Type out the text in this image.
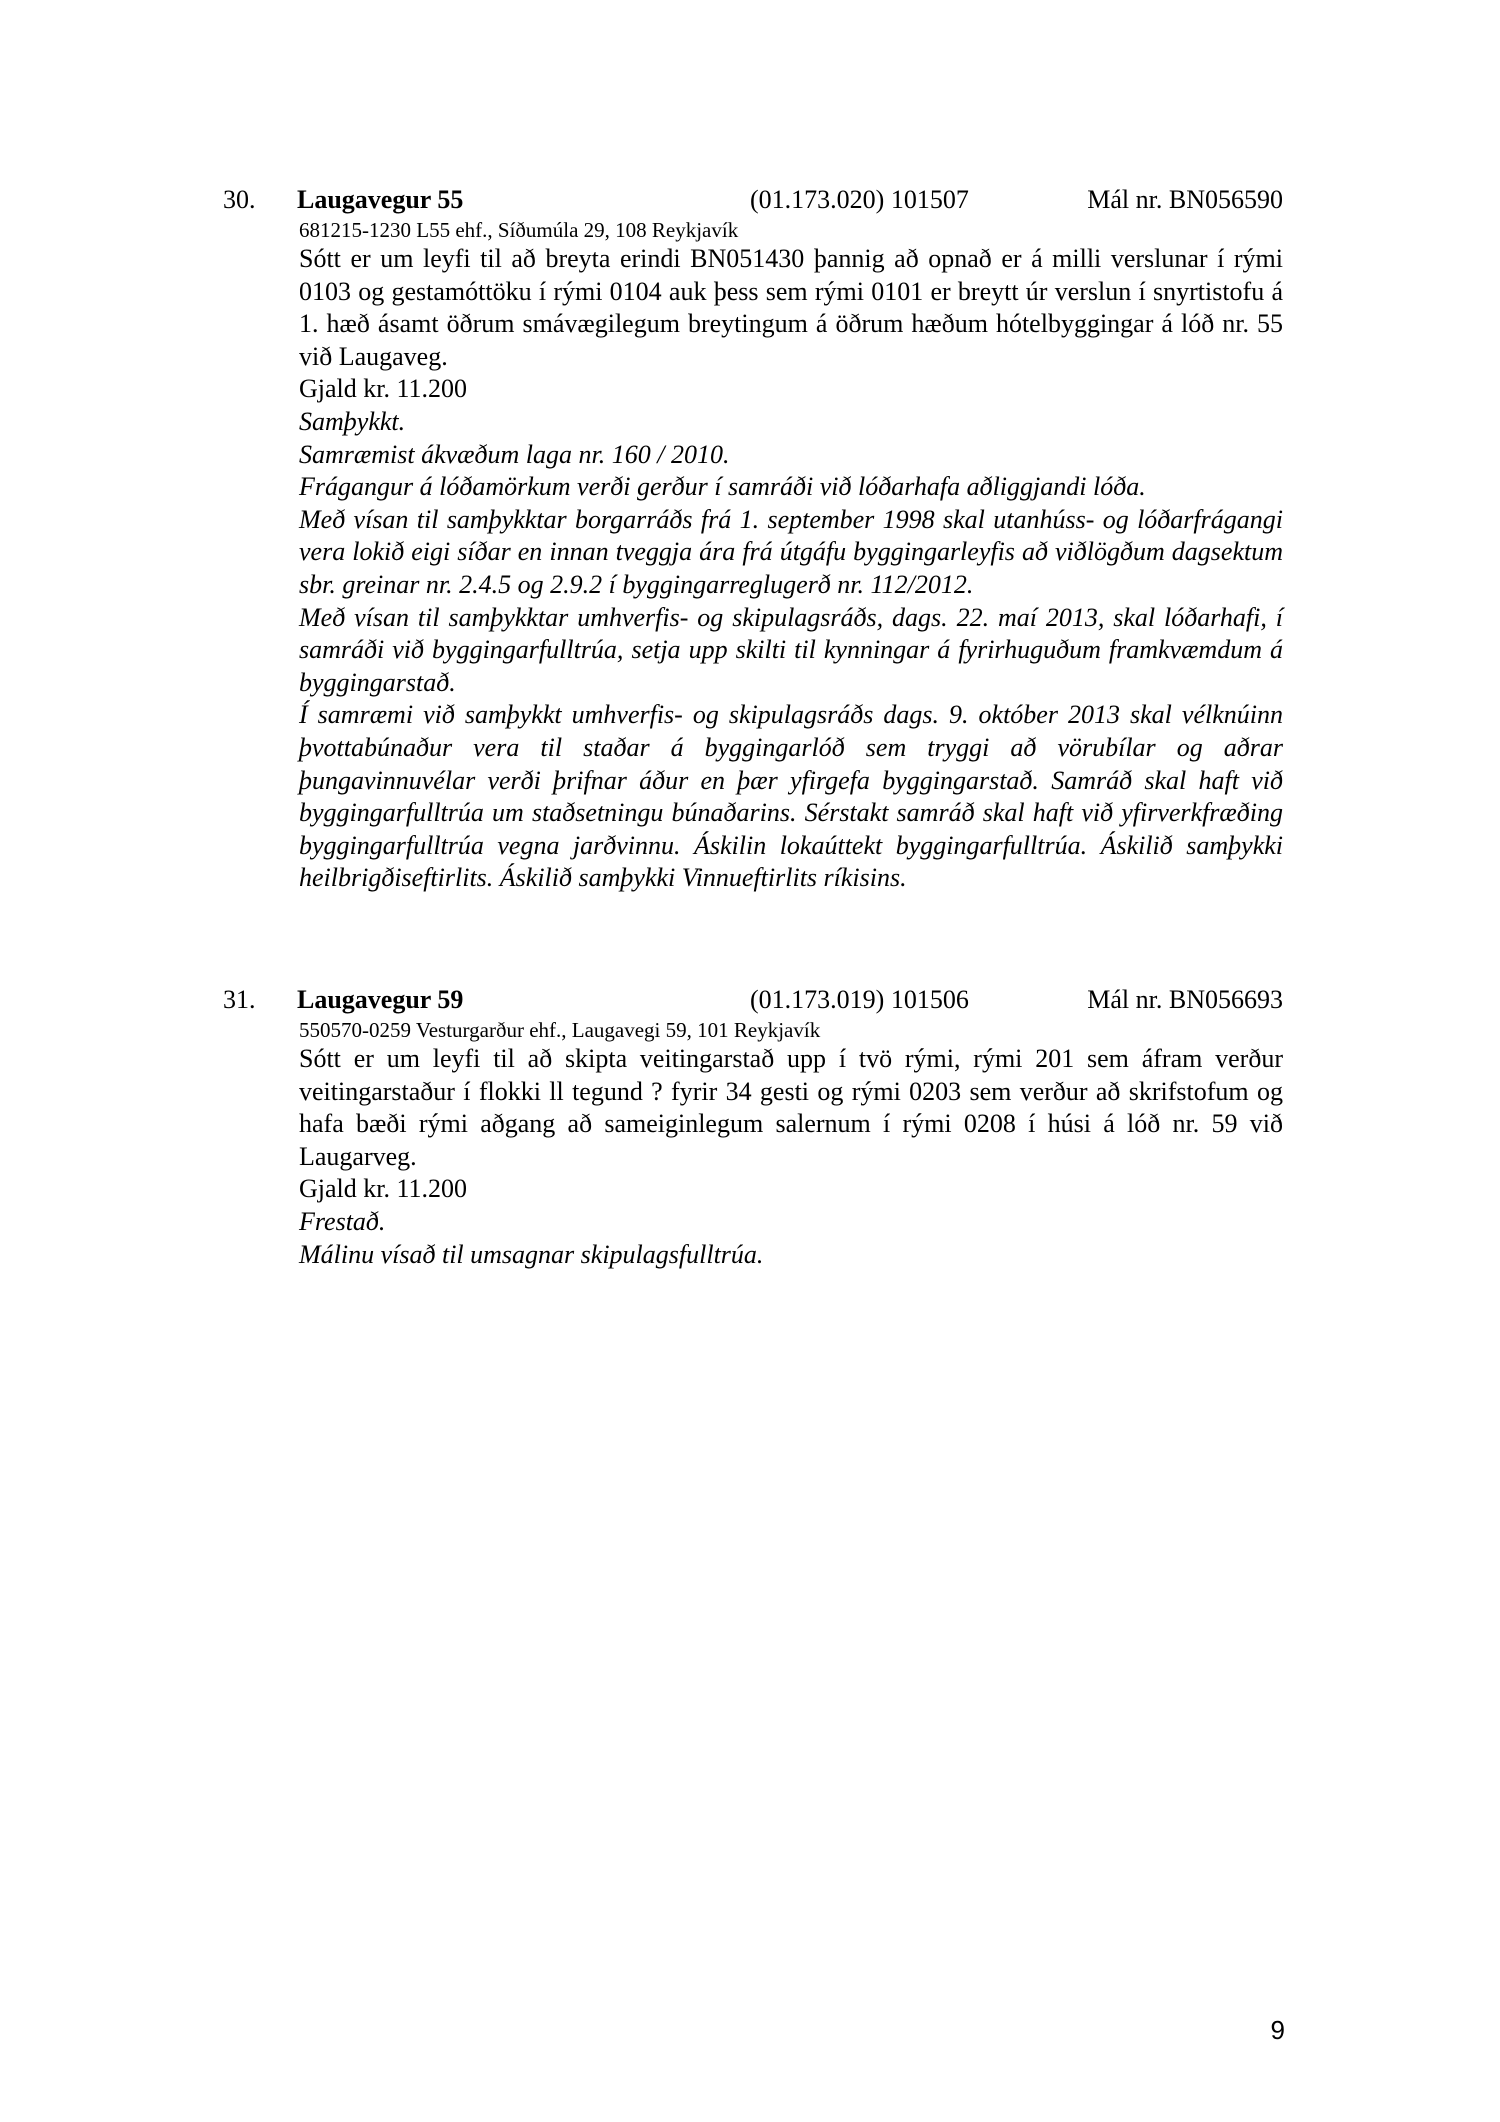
30. Laugavegur 55	(01.173.020) 101507	Mál nr. BN056590
681215-1230 L55 ehf., Síðumúla 29, 108 Reykjavík
Sótt er um leyfi til að breyta erindi BN051430 þannig að opnað er á milli verslunar í rými 0103 og gestamóttöku í rými 0104 auk þess sem rými 0101 er breytt úr verslun í snyrtistofu á 1. hæð ásamt öðrum smávægilegum breytingum á öðrum hæðum hótelbyggingar á lóð nr. 55 við Laugaveg.
Gjald kr. 11.200
Samþykkt.
Samræmist ákvæðum laga nr. 160 / 2010.
Frágangur á lóðamörkum verði gerður í samráði við lóðarhafa aðliggjandi lóða.
Með vísan til samþykktar borgarráðs frá 1. september 1998 skal utanhúss- og lóðarfrágangi vera lokið eigi síðar en innan tveggja ára frá útgáfu byggingarleyfis að viðlögðum dagsektum sbr. greinar nr. 2.4.5 og 2.9.2 í byggingarreglugerð nr. 112/2012.
Með vísan til samþykktar umhverfis- og skipulagsráðs, dags. 22. maí 2013, skal lóðarhafi, í samráði við byggingarfulltrúa, setja upp skilti til kynningar á fyrirhuguðum framkvæmdum á byggingarstað.
Í samræmi við samþykkt umhverfis- og skipulagsráðs dags. 9. október 2013 skal vélknúinn þvottabúnaður vera til staðar á byggingarlóð sem tryggi að vörubílar og aðrar þungavinnuvélar verði þrifnar áður en þær yfirgefa byggingarstað. Samráð skal haft við byggingarfulltrúa um staðsetningu búnaðarins. Sérstakt samráð skal haft við yfirverkfræðing byggingarfulltrúa vegna jarðvinnu. Áskilin lokaúttekt byggingarfulltrúa. Áskilið samþykki heilbrigðiseftirlits. Áskilið samþykki Vinnueftirlits ríkisins.
31. Laugavegur 59	(01.173.019) 101506	Mál nr. BN056693
550570-0259 Vesturgarður ehf., Laugavegi 59, 101 Reykjavík
Sótt er um leyfi til að skipta veitingarstað upp í tvö rými, rými 201 sem áfram verður veitingarstaður í flokki ll tegund ? fyrir 34 gesti og rými 0203 sem verður að skrifstofum og hafa bæði rými aðgang að sameiginlegum salernum í rými 0208 í húsi á lóð nr. 59 við Laugarveg.
Gjald kr. 11.200
Frestað.
Málinu vísað til umsagnar skipulagsfulltrúa.
9
